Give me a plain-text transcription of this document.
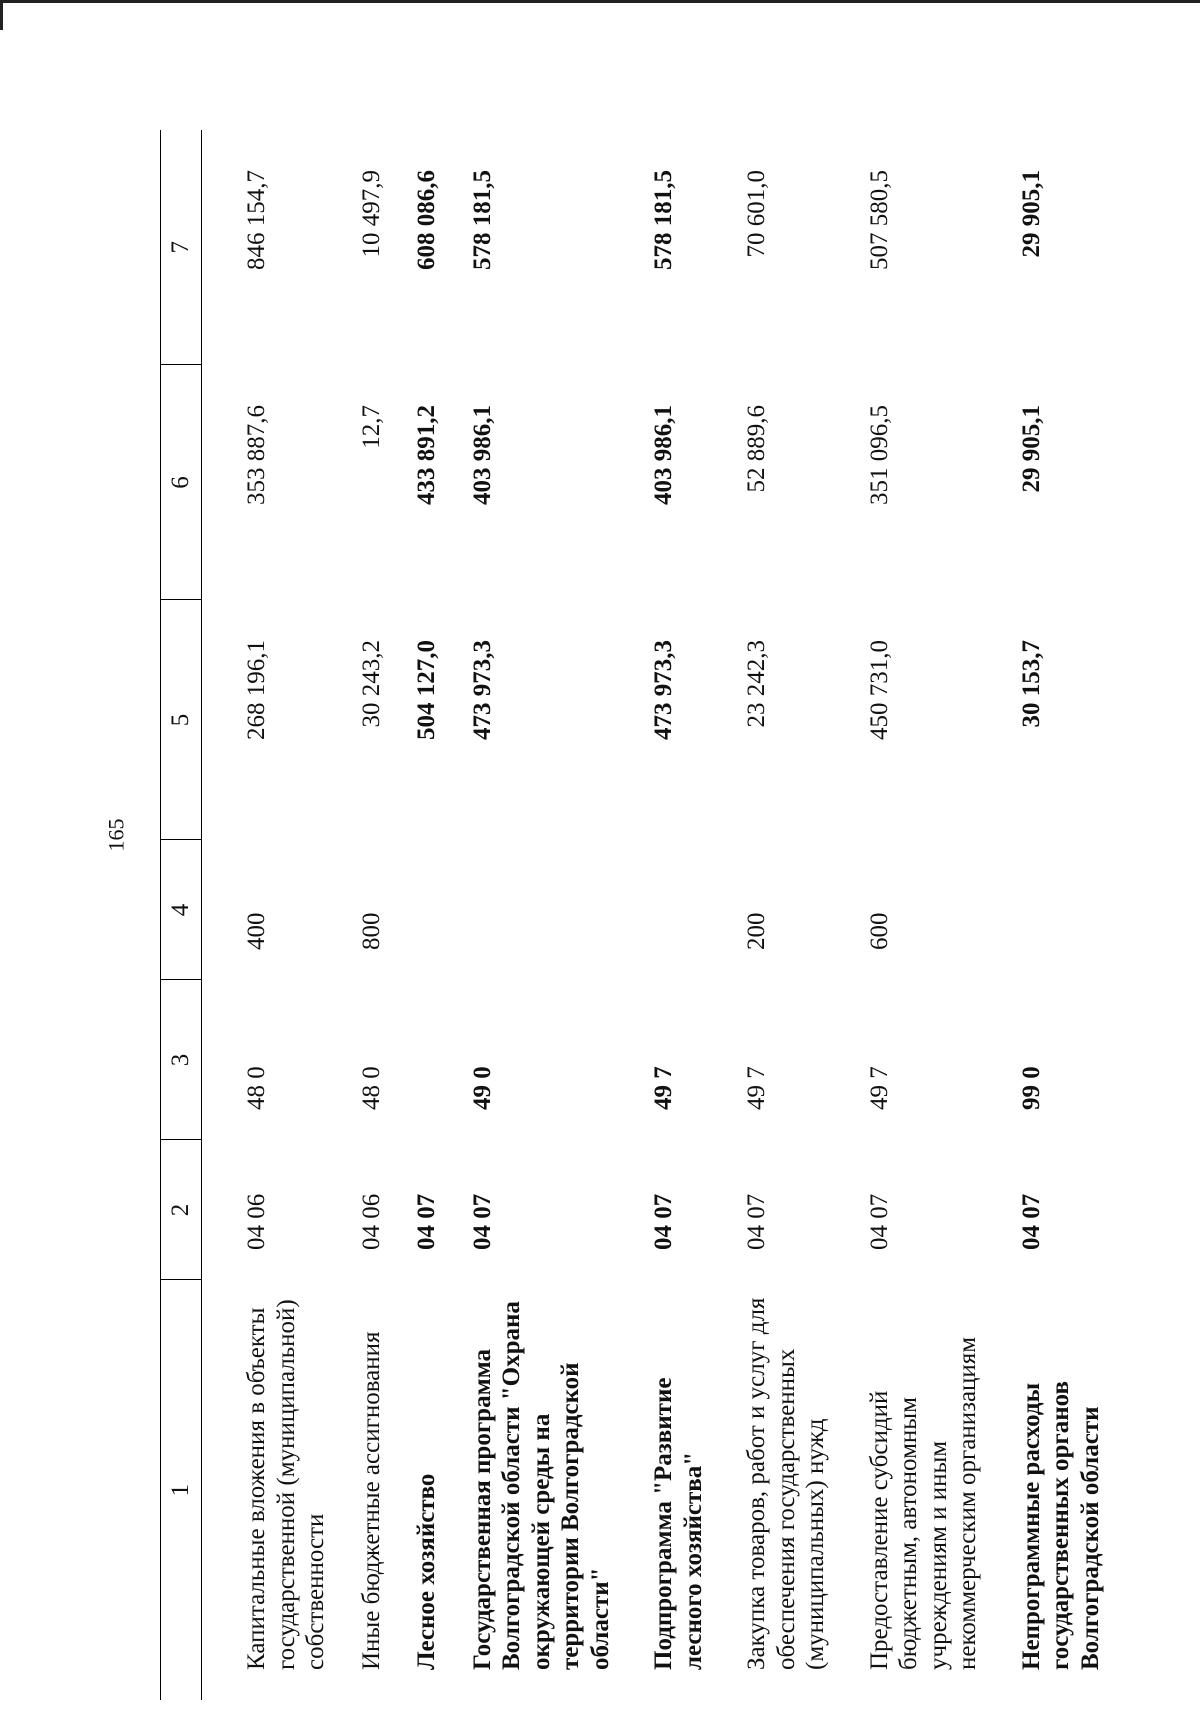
165
1	2	3	4	5	6	7
Капитальные вложения в объекты государственной (муниципальной) собственности	04 06	48 0	400	268 196,1	353 887,6	846 154,7
Иные бюджетные ассигнования	04 06	48 0	800	30 243,2	12,7	10 497,9
Лесное хозяйство	04 07			504 127,0	433 891,2	608 086,6
Государственная программа Волгоградской области "Охрана окружающей среды на территории Волгоградской области"	04 07	49 0		473 973,3	403 986,1	578 181,5
Подпрограмма "Развитие лесного хозяйства"	04 07	49 7		473 973,3	403 986,1	578 181,5
Закупка товаров, работ и услуг для обеспечения государственных (муниципальных) нужд	04 07	49 7	200	23 242,3	52 889,6	70 601,0
Предоставление субсидий бюджетным, автономным учреждениям и иным некоммерческим организациям	04 07	49 7	600	450 731,0	351 096,5	507 580,5
Непрограммные расходы государственных органов Волгоградской области	04 07	99 0		30 153,7	29 905,1	29 905,1
